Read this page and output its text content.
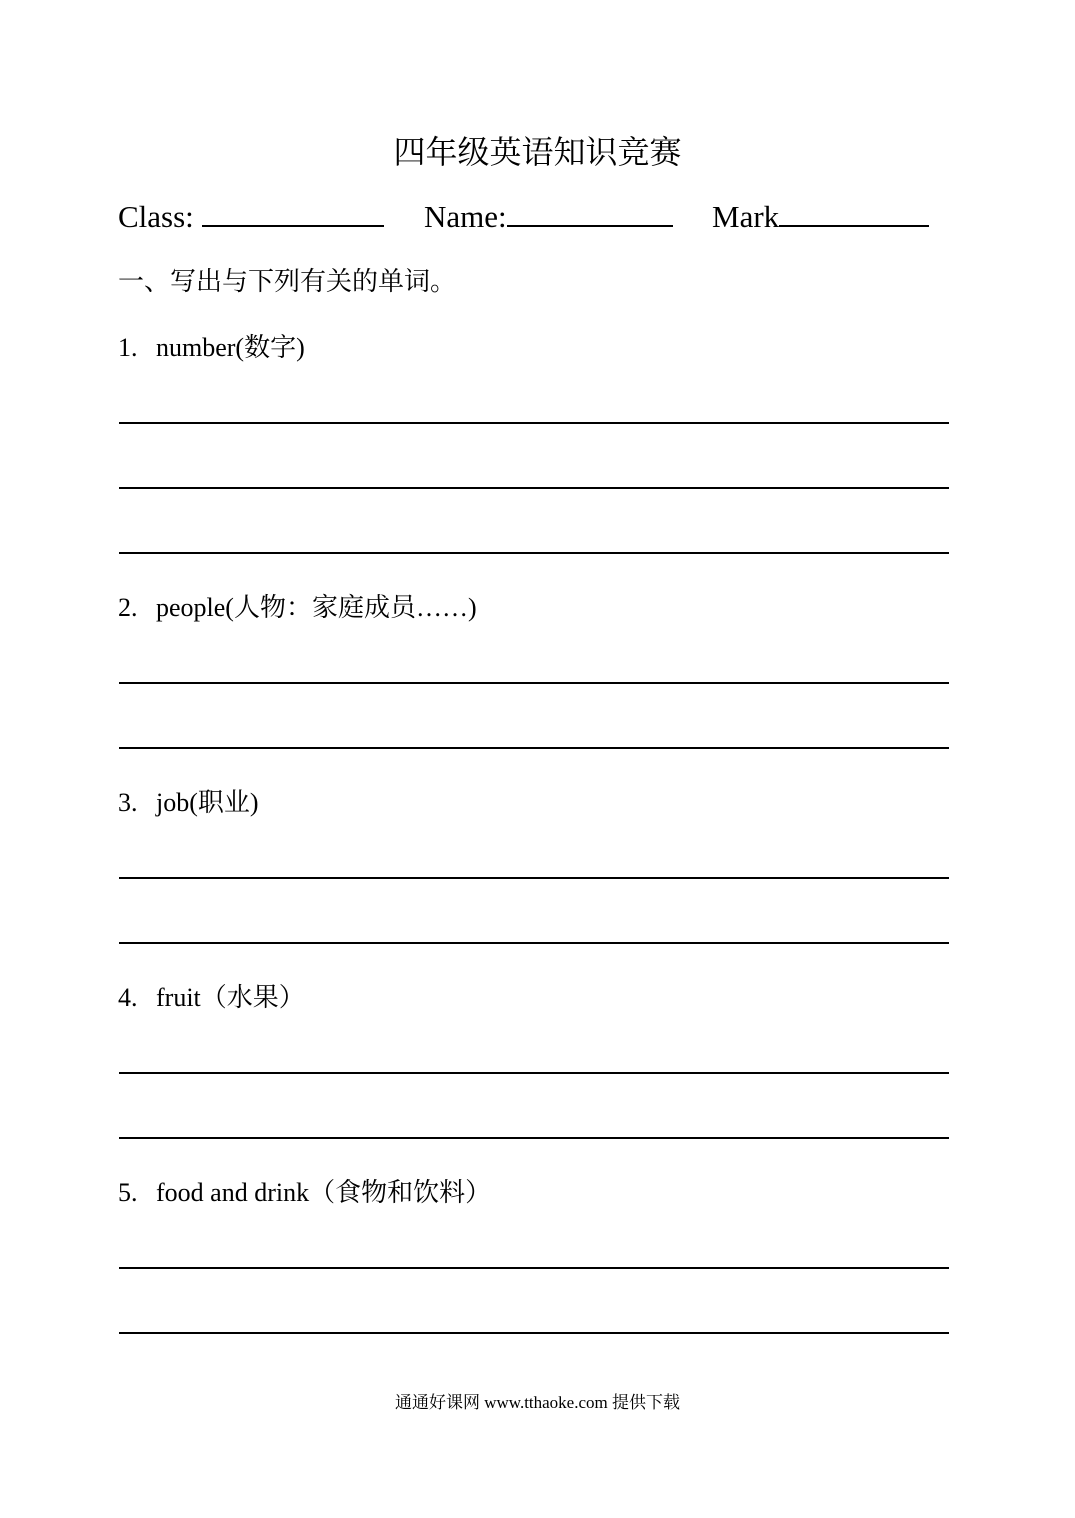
四年级英语知识竞赛
Class:	Name:	Mark
一、写出与下列有关的单词。
1. number(数字)
2. people(人物：家庭成员……)
3. job(职业)
4. fruit（水果）
5. food and drink（食物和饮料）
通通好课网 www.tthaoke.com 提供下载
